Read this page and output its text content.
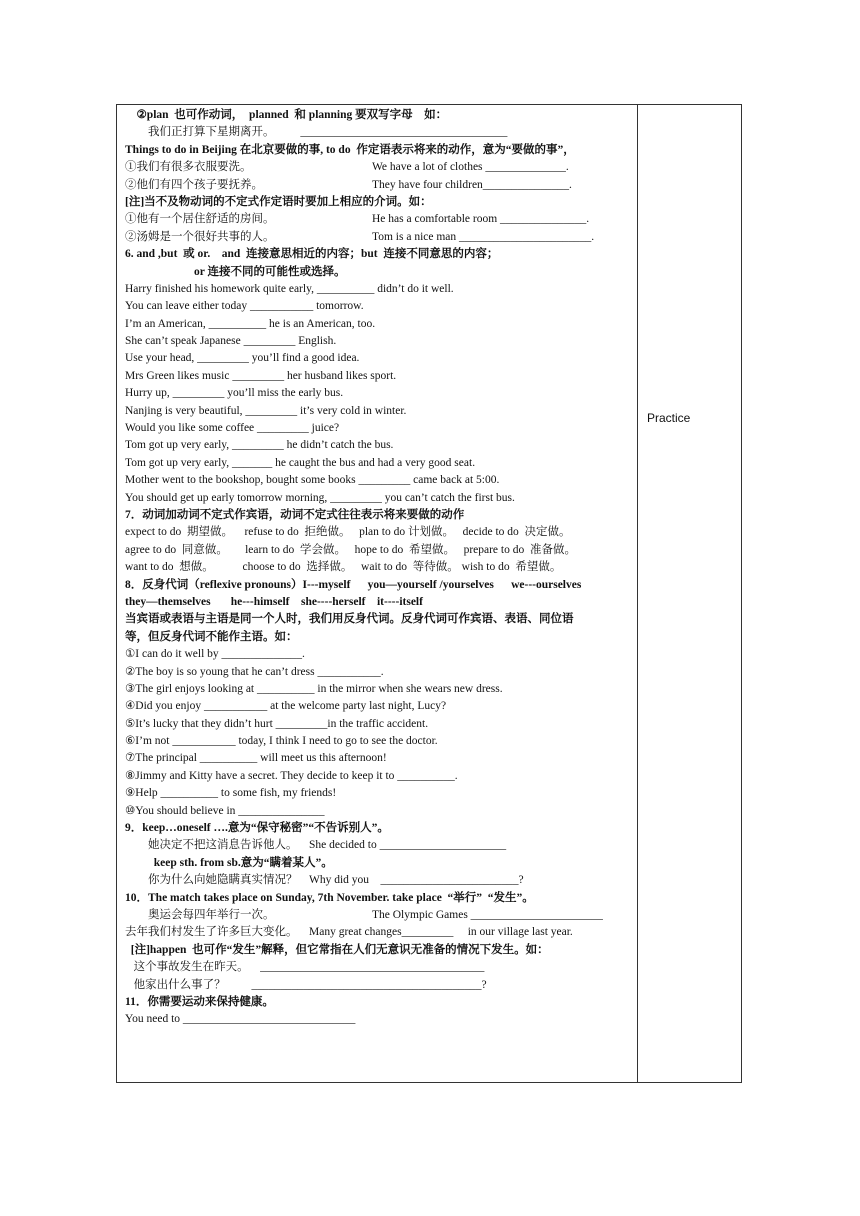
②plan  也可作动词，  planned  和 planning 要双写字母    如：
我们正打算下星期离开。         ____________________________________
Things to do in Beijing 在北京要做的事, to do  作定语表示将来的动作，意为“要做的事”，
①我们有很多衣服要洗。	We have a lot of clothes ______________.
②他们有四个孩子要抚养。	They have four children_______________.
[注]当不及物动词的不定式作定语时要加上相应的介词。如：
①他有一个居住舒适的房间。	He has a comfortable room _______________.
②汤姆是一个很好共事的人。	Tom is a nice man _______________________.
6. and ,but  或 or.    and  连接意思相近的内容；but  连接不同意思的内容；
or 连接不同的可能性或选择。
Harry finished his homework quite early, __________ didn’t do it well.
You can leave either today ___________ tomorrow.
I’m an American, __________ he is an American, too.
She can’t speak Japanese _________ English.
Use your head, _________ you’ll find a good idea.
Mrs Green likes music _________ her husband likes sport.
Hurry up, _________ you’ll miss the early bus.
Nanjing is very beautiful, _________ it’s very cold in winter.
Would you like some coffee _________ juice?
Tom got up very early, _________ he didn’t catch the bus.
Tom got up very early, _______ he caught the bus and had a very good seat.
Mother went to the bookshop, bought some books _________ came back at 5:00.
You should get up early tomorrow morning, _________ you can’t catch the first bus.
7．动词加动词不定式作宾语，动词不定式往往表示将来要做的动作
expect to do  期望做。    refuse to do  拒绝做。   plan to do 计划做。   decide to do  决定做。
agree to do  同意做。      learn to do  学会做。   hope to do  希望做。   prepare to do  准备做。
want to do  想做。          choose to do  选择做。   wait to do  等待做。 wish to do  希望做。
8．反身代词（reflexive pronouns）I---myself      you—yourself /yourselves      we---ourselves
they—themselves       he---himself    she----herself    it----itself
当宾语或表语与主语是同一个人时，我们用反身代词。反身代词可作宾语、表语、同位语
等，但反身代词不能作主语。如：
①I can do it well by ______________.
②The boy is so young that he can’t dress ___________.
③The girl enjoys looking at __________ in the mirror when she wears new dress.
④Did you enjoy ___________ at the welcome party last night, Lucy?
⑤It’s lucky that they didn’t hurt _________in the traffic accident.
⑥I’m not ___________ today, I think I need to go to see the doctor.
⑦The principal __________ will meet us this afternoon!
⑧Jimmy and Kitty have a secret. They decide to keep it to __________.
⑨Help __________ to some fish, my friends!
⑩You should believe in _______________
9．keep…oneself ….意为“保守秘密”“不告诉别人”。
她决定不把这消息告诉他人。    She decided to ______________________
keep sth. from sb.意为“瞒着某人”。
你为什么向她隐瞒真实情况？    Why did you    ________________________?
10．The match takes place on Sunday, 7th November. take place  “举行”  “发生”。
奥运会每四年举行一次。	The Olympic Games _______________________
去年我们村发生了许多巨大变化。    Many great changes_________     in our village last year.
[注]happen  也可作“发生”解释，但它常指在人们无意识无准备的情况下发生。如：
这个事故发生在昨天。    _______________________________________
他家出什么事了？         ________________________________________?
11．你需要运动来保持健康。
You need to ______________________________
Practice
